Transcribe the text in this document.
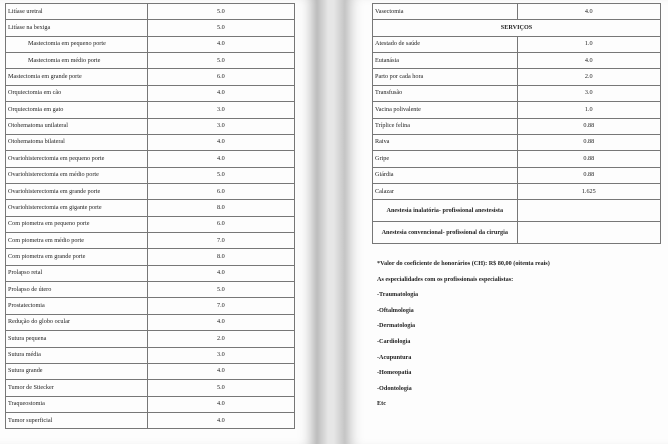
Litíase uretral	5.0
Litíase na bexiga	5.0
Mastectomia em pequeno porte	4.0
Mastectomia em médio porte	5.0
Mastectomia em grande porte	6.0
Orquiectomia em cão	4.0
Orquiectomia em gato	3.0
Otohematoma unilateral	3.0
Otohematoma bilateral	4.0
Ovariohisterectomia em pequeno porte	4.0
Ovariohisterectomia em médio porte	5.0
Ovariohisterectomia em grande porte	6.0
Ovariohisterectomia em gigante porte	8.0
Com piometra em pequeno porte	6.0
Com piometra em médio porte	7.0
Com piometra em grande porte	8.0
Prolapso retal	4.0
Prolapso de útero	5.0
Prostatectomia	7.0
Redução do globo ocular	4.0
Sutura pequena	2.0
Sutura média	3.0
Sutura grande	4.0
Tumor de Stiecker	5.0
Traqueostomia	4.0
Tumor superficial	4.0
Vasectomia	4.0
SERVIÇOS	
Atestado de saúde	1.0
Eutanásia	4.0
Parto por cada hora	2.0
Transfusão	3.0
Vacina polivalente	1.0
Tríplice felina	0.88
Raiva	0.88
Gripe	0.88
Giárdia	0.88
Calazar	1.625
Anestesia inalatória- profissional anestesista	
Anestesia convencional- profissional da cirurgia	
*Valor do coeficiente de honorários (CH): R$ 80,00 (oitenta reais)
As especialidades com os profissionais especialistas:
-Traumatologia
-Oftalmologia
-Dermatologia
-Cardiologia
-Acupuntura
-Homeopatia
-Odontologia
Etc
